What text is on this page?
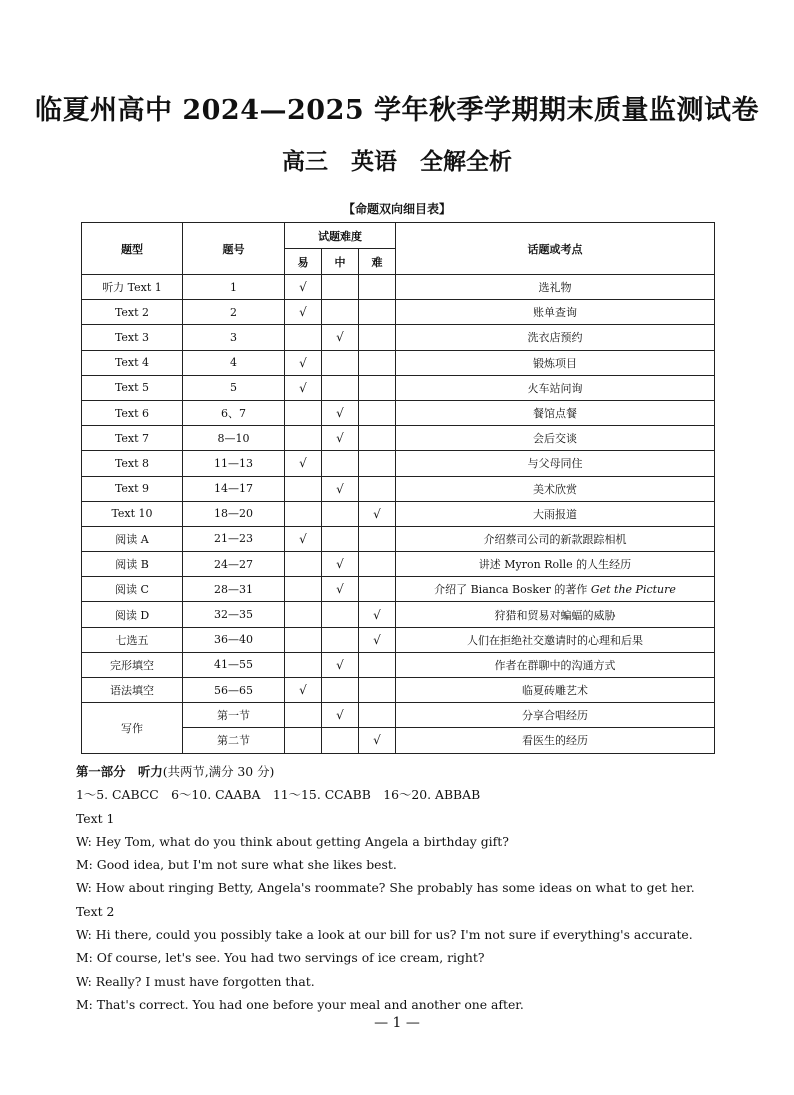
临夏州高中 2024—2025 学年秋季学期期末质量监测试卷
高三　英语　全解全析
【命题双向细目表】
题型	题号	试题难度			话题或考点
		易	中	难	
听力 Text 1	1	√			选礼物
Text 2	2	√			账单查询
Text 3	3		√		洗衣店预约
Text 4	4	√			锻炼项目
Text 5	5	√			火车站问询
Text 6	6、7		√		餐馆点餐
Text 7	8—10		√		会后交谈
Text 8	11—13	√			与父母同住
Text 9	14—17		√		美术欣赏
Text 10	18—20			√	大雨报道
阅读 A	21—23	√			介绍蔡司公司的新款跟踪相机
阅读 B	24—27		√		讲述 Myron Rolle 的人生经历
阅读 C	28—31		√		介绍了 Bianca Bosker 的著作 Get the Picture
阅读 D	32—35			√	狩猎和贸易对蝙蝠的威胁
七选五	36—40			√	人们在拒绝社交邀请时的心理和后果
完形填空	41—55		√		作者在群聊中的沟通方式
语法填空	56—65	√			临夏砖雕艺术
写作	第一节		√		分享合唱经历
	第二节			√	看医生的经历

第一部分　听力(共两节,满分 30 分)

1～5. CABCC　6～10. CAABA　11～15. CCABB　16～20. ABBAB

Text 1

W: Hey Tom, what do you think about getting Angela a birthday gift?

M: Good idea, but I'm not sure what she likes best.

W: How about ringing Betty, Angela's roommate? She probably has some ideas on what to get her.

Text 2

W: Hi there, could you possibly take a look at our bill for us? I'm not sure if everything's accurate.

M: Of course, let's see. You had two servings of ice cream, right?

W: Really? I must have forgotten that.

M: That's correct. You had one before your meal and another one after.

— 1 —
